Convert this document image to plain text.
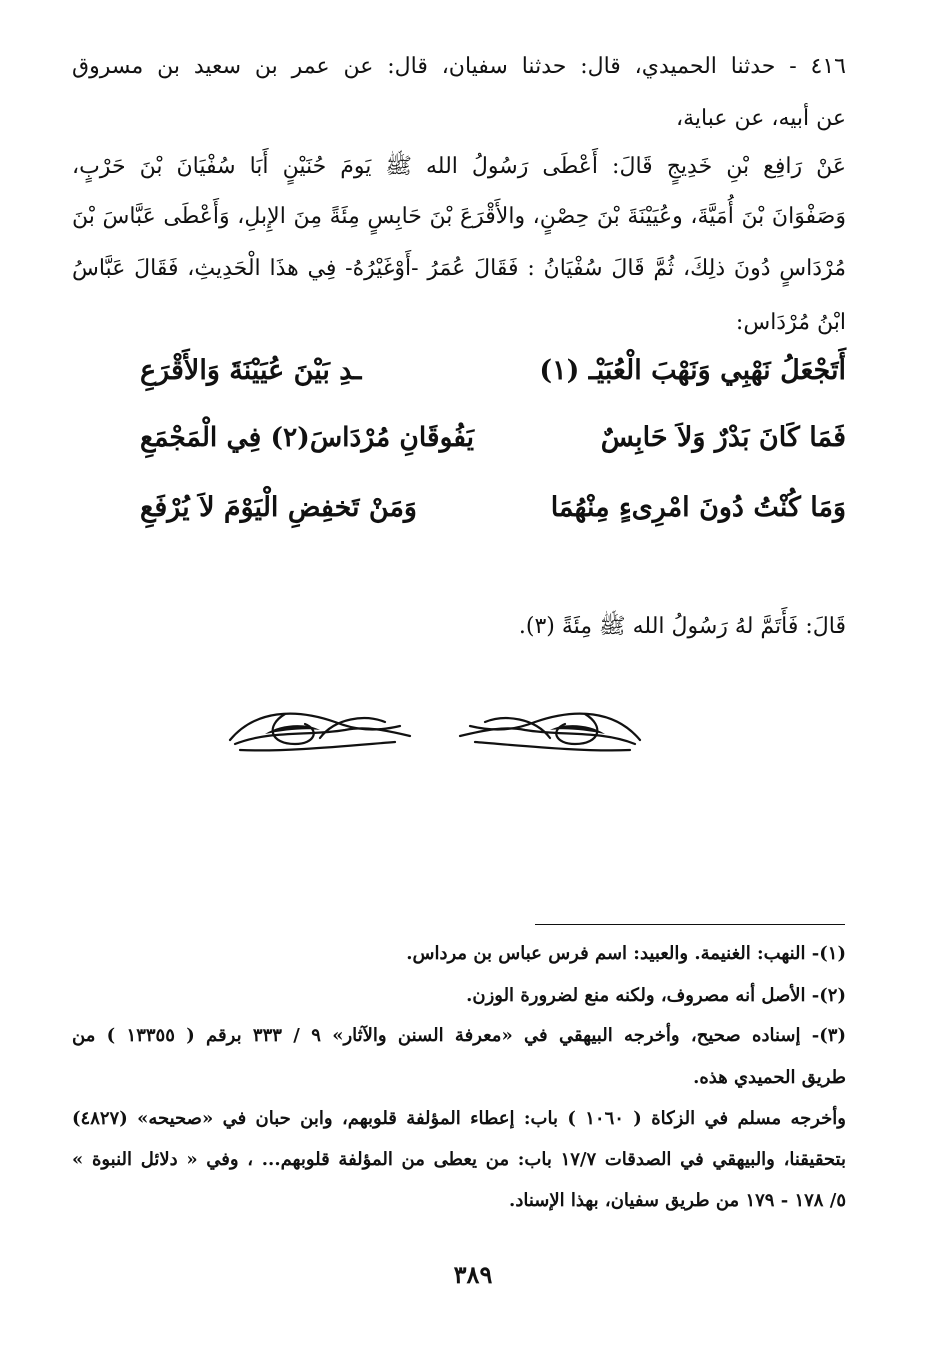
٤١٦ - حدثنا الحميدي، قال: حدثنا سفيان، قال: عن عمر بن سعيد بن مسروق
عن أبيه، عن عباية،
عَنْ رَافِع بْنِ خَدِيجٍ قَالَ: أَعْطَى رَسُولُ الله ﷺ يَومَ حُنَيْنٍ أَبَا سُفْيَانَ بْنَ حَرْبٍ،
وَصَفْوَانَ بْنَ أُمَيَّةَ، وعُيَيْنَةَ بْنَ حِصْنٍ، والأَقْرَعَ بْنَ حَابِسٍ مِئَةً مِنَ الإِبلِ، وَأَعْطَى عَبَّاسَ بْنَ
مُرْدَاسٍ دُونَ ذلِكَ، ثُمَّ قَالَ سُفْيَانُ : فَقَالَ عُمَرُ -أَوْغَيْرُهُ- فِي هذَا الْحَدِيثِ، فَقَالَ عَبَّاسُ
ابْنُ مُرْدَاس:
أَتَجْعَلُ نَهْبِي وَنَهْبَ الْعُبَيْـ (١)
ـدِ بَيْنَ عُيَيْنَةَ وَالأَقْرَعِ
فَمَا كَانَ بَدْرٌ وَلاَ حَابِسٌ
يَفُوقَانِ مُرْدَاسَ(٢) فِي الْمَجْمَعِ
وَمَا كُنْتُ دُونَ امْرِىءٍ مِنْهُمَا
وَمَنْ تَخفِضِ الْيَوْمَ لاَ يُرْفَعِ
قَالَ: فَأَتَمَّ لهُ رَسُولُ الله ﷺ مِئَةً (٣).
(١)- النهب: الغنيمة. والعبيد: اسم فرس عباس بن مرداس.
(٢)- الأصل أنه مصروف، ولكنه منع لضرورة الوزن.
(٣)- إسناده صحيح، وأخرجه البيهقي في «معرفة السنن والآثار» ٩ / ٣٣٣ برقم ( ١٣٣٥٥ ) من
طريق الحميدي هذه.
وأخرجه مسلم في الزكاة ( ١٠٦٠ ) باب: إعطاء المؤلفة قلوبهم، وابن حبان في «صحيحه» (٤٨٢٧)
بتحقيقنا، والبيهقي في الصدقات ١٧/٧ باب: من يعطى من المؤلفة قلوبهم... ، وفي « دلائل النبوة »
٥/ ١٧٨ - ١٧٩ من طريق سفيان، بهذا الإسناد.
٣٨٩
